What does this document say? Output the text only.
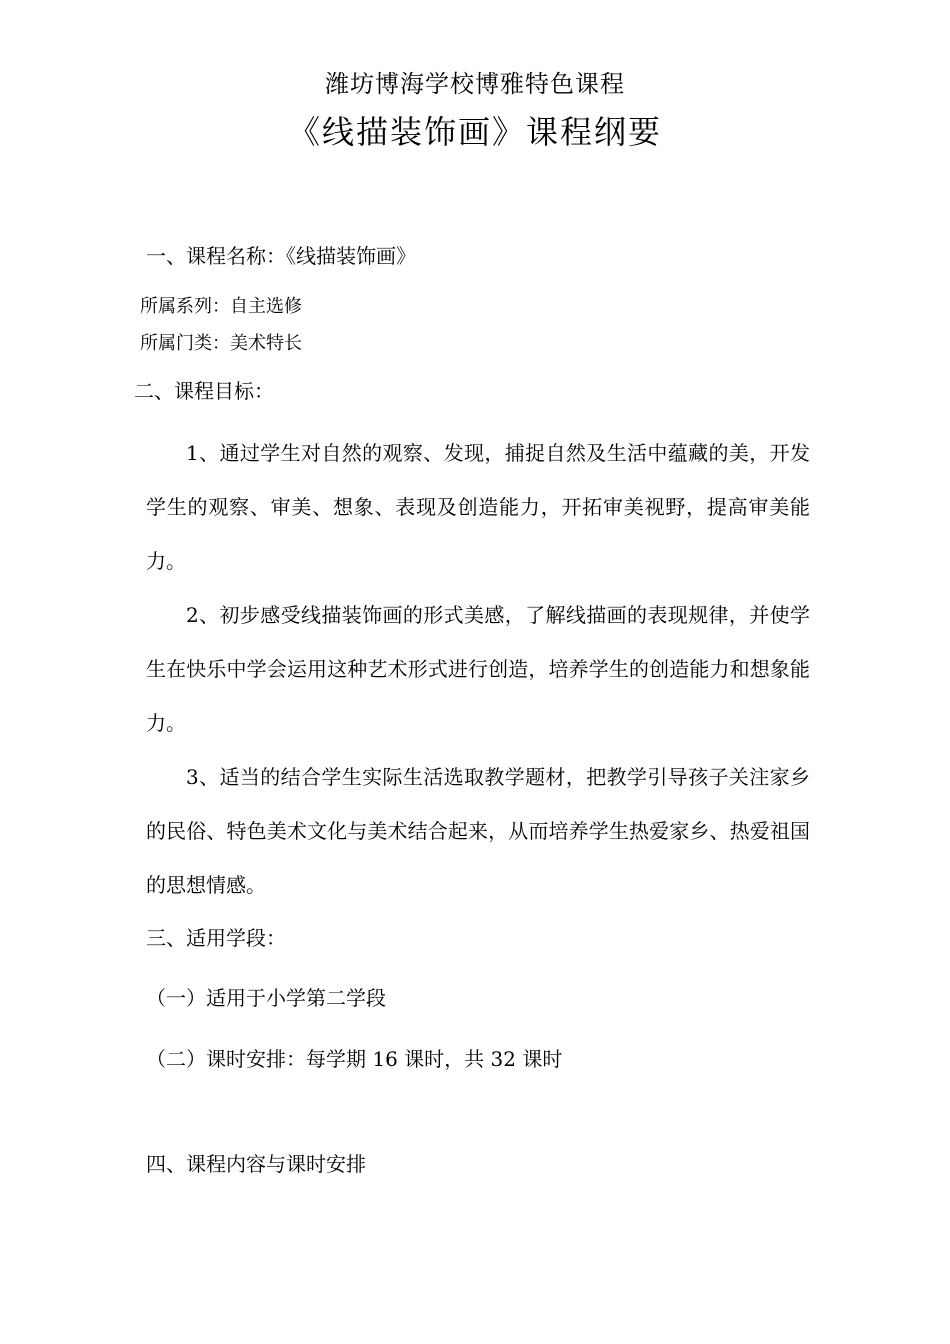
潍坊博海学校博雅特色课程
《线描装饰画》课程纲要
一、课程名称：《线描装饰画》
所属系列：自主选修
所属门类：美术特长
二、课程目标：
1、通过学生对自然的观察、发现，捕捉自然及生活中蕴藏的美，开发学生的观察、审美、想象、表现及创造能力，开拓审美视野，提高审美能力。
2、初步感受线描装饰画的形式美感，了解线描画的表现规律，并使学生在快乐中学会运用这种艺术形式进行创造，培养学生的创造能力和想象能力。
3、适当的结合学生实际生活选取教学题材，把教学引导孩子关注家乡的民俗、特色美术文化与美术结合起来，从而培养学生热爱家乡、热爱祖国的思想情感。
三、适用学段：
（一）适用于小学第二学段
（二）课时安排：每学期 16 课时，共 32 课时
四、课程内容与课时安排
